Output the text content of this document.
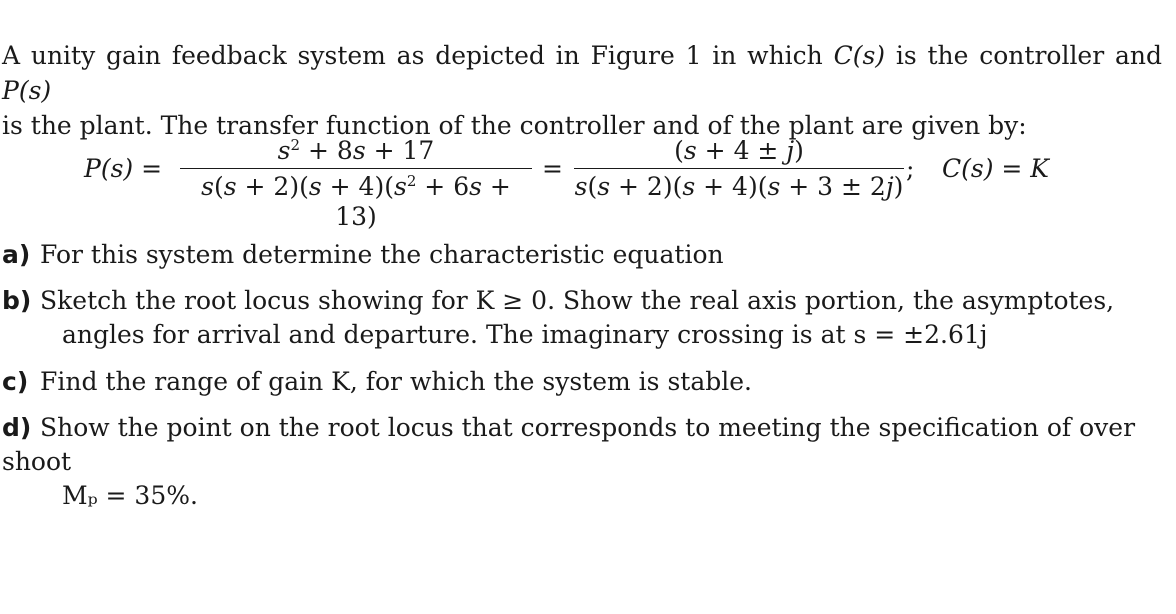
A unity gain feedback system as depicted in Figure 1 in which C(s) is the controller and P(s)
is the plant. The transfer function of the controller and of the plant are given by:
P(s) =
$s^2 + 8s + 17$
$s(s + 2)(s + 4)(s^2 + 6s + 13)$
=
(s + 4 ± j)
s(s + 2)(s + 4)(s + 3 ± 2j)
; C(s) = K
a) For this system determine the characteristic equation
b) Sketch the root locus showing for K ≥ 0. Show the real axis portion, the asymptotes,
angles for arrival and departure. The imaginary crossing is at s = ±2.61j
c) Find the range of gain K, for which the system is stable.
d) Show the point on the root locus that corresponds to meeting the specification of over shoot
Mₚ = 35%.
